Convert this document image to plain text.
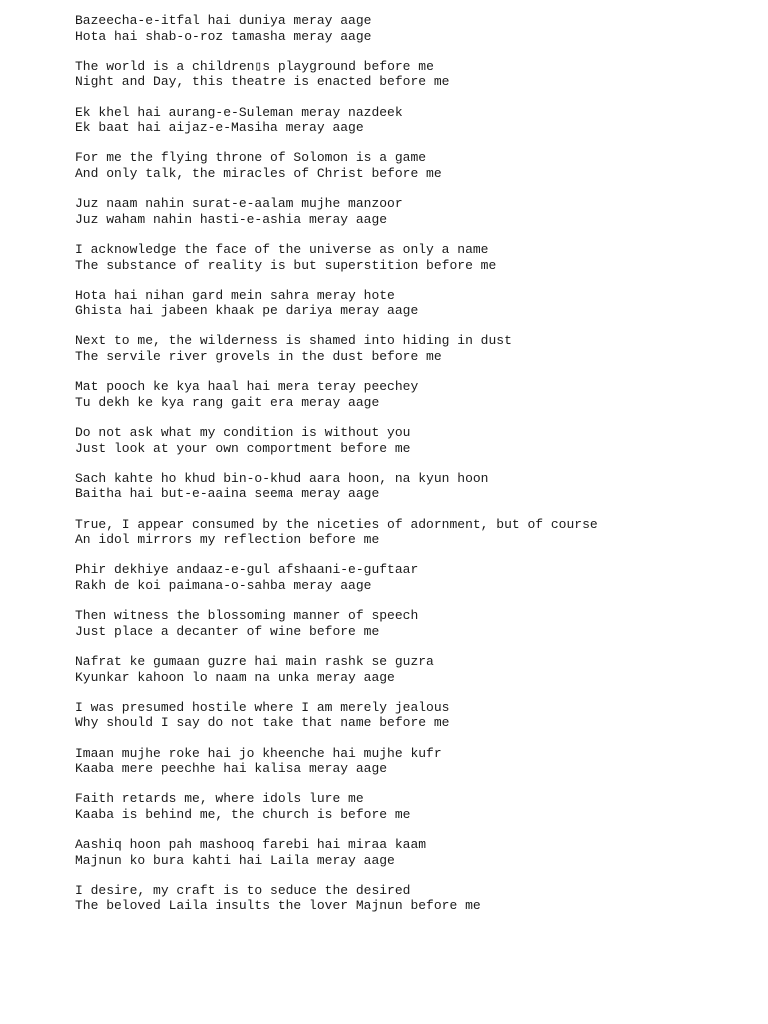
Bazeecha-e-itfal hai duniya meray aage
Hota hai shab-o-roz tamasha meray aage
The world is a children▯s playground before me
Night and Day, this theatre is enacted before me
Ek khel hai aurang-e-Suleman meray nazdeek
Ek baat hai aijaz-e-Masiha meray aage
For me the flying throne of Solomon is a game
And only talk, the miracles of Christ before me
Juz naam nahin surat-e-aalam mujhe manzoor
Juz waham nahin hasti-e-ashia meray aage
I acknowledge the face of the universe as only a name
The substance of reality is but superstition before me
Hota hai nihan gard mein sahra meray hote
Ghista hai jabeen khaak pe dariya meray aage
Next to me, the wilderness is shamed into hiding in dust
The servile river grovels in the dust before me
Mat pooch ke kya haal hai mera teray peechey
Tu dekh ke kya rang gait era meray aage
Do not ask what my condition is without you
Just look at your own comportment before me
Sach kahte ho khud bin-o-khud aara hoon, na kyun hoon
Baitha hai but-e-aaina seema meray aage
True, I appear consumed by the niceties of adornment, but of course
An idol mirrors my reflection before me
Phir dekhiye andaaz-e-gul afshaani-e-guftaar
Rakh de koi paimana-o-sahba meray aage
Then witness the blossoming manner of speech
Just place a decanter of wine before me
Nafrat ke gumaan guzre hai main rashk se guzra
Kyunkar kahoon lo naam na unka meray aage
I was presumed hostile where I am merely jealous
Why should I say do not take that name before me
Imaan mujhe roke hai jo kheenche hai mujhe kufr
Kaaba mere peechhe hai kalisa meray aage
Faith retards me, where idols lure me
Kaaba is behind me, the church is before me
Aashiq hoon pah mashooq farebi hai miraa kaam
Majnun ko bura kahti hai Laila meray aage
I desire, my craft is to seduce the desired
The beloved Laila insults the lover Majnun before me
